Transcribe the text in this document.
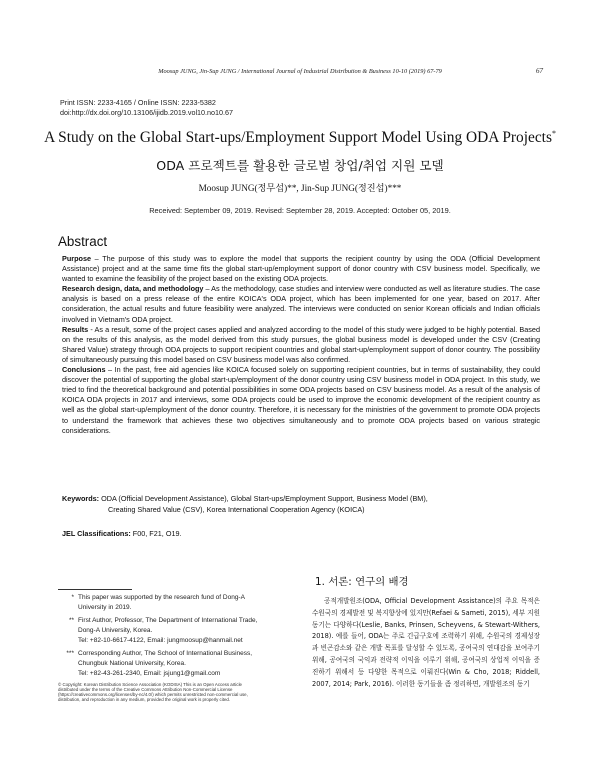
Moosup JUNG, Jin-Sup JUNG / International Journal of Industrial Distribution & Business 10-10 (2019) 67-79	67
Print ISSN: 2233-4165 / Online ISSN: 2233-5382
doi:http://dx.doi.org/10.13106/ijidb.2019.vol10.no10.67
A Study on the Global Start-ups/Employment Support Model Using ODA Projects*
ODA 프로젝트를 활용한 글로벌 창업/취업 지원 모델
Moosup JUNG(정무섭)**, Jin-Sup JUNG(정진섭)***
Received: September 09, 2019. Revised: September 28, 2019. Accepted: October 05, 2019.
Abstract

Purpose – The purpose of this study was to explore the model that supports the recipient country by using the ODA (Official Development Assistance) project and at the same time fits the global start-up/employment support of donor country with CSV business model. Specifically, we wanted to examine the feasibility of the project based on the existing ODA projects.

Research design, data, and methodology – As the methodology, case studies and interview were conducted as well as literature studies. The case analysis is based on a press release of the entire KOICA's ODA project, which has been implemented for one year, based on 2017. After consideration, the actual results and future feasibility were analyzed. The interviews were conducted on senior Korean officials and Indian officials involved in Vietnam's ODA project.

Results - As a result, some of the project cases applied and analyzed according to the model of this study were judged to be highly potential. Based on the results of this analysis, as the model derived from this study pursues, the global business model is developed under the CSV (Creating Shared Value) strategy through ODA projects to support recipient countries and global start-up/employment support of donor country. The possibility of simultaneously pursuing this model based on CSV business model was also confirmed.

Conclusions – In the past, free aid agencies like KOICA focused solely on supporting recipient countries, but in terms of sustainability, they could discover the potential of supporting the global start-up/employment of the donor country using CSV business model in ODA project. In this study, we tried to find the theoretical background and potential possibilities in some ODA projects based on CSV business model. As a result of the analysis of KOICA ODA projects in 2017 and interviews, some ODA projects could be used to improve the economic development of the recipient country as well as the global start-up/employment of the donor country. Therefore, it is necessary for the ministries of the government to promote ODA projects to understand the framework that achieves these two objectives simultaneously and to promote ODA projects based on various strategic considerations.

Keywords: ODA (Official Development Assistance), Global Start-ups/Employment Support, Business Model (BM),
Creating Shared Value (CSV), Korea International Cooperation Agency (KOICA)
JEL Classifications: F00, F21, O19.
1. 서론: 연구의 배경

공적개발원조(ODA, Official Development Assistance)의 주요 목적은 수원국의 경제발전 및 복지향상에 있지만(Refaei & Sameti, 2015), 세부 지원 동기는 다양하다(Leslie, Banks, Prinsen, Scheyvens, & Stewart-Withers, 2018). 예를 들어, ODA는 주로 긴급구호에 조력하기 위해, 수원국의 경제성장과 빈곤감소와 같은 개발 목표를 달성할 수 있도록, 공여국의 연대감을 보여주기 위해, 공여국의 국익과 전략적 이익을 이루기 위해, 공여국의 상업적 이익을 증진하기 위해서 등 다양한 목적으로 이뤄진다(Win & Cho, 2018; Riddell, 2007, 2014; Park, 2016). 이러한 동기들을 좀 정리하면, 개발원조의 동기

* This paper was supported by the research fund of Dong-A
University in 2019.
** First Author, Professor, The Department of International Trade,
Dong-A University, Korea.
Tel: +82-10-6617-4122, Email: jungmoosup@hanmail.net
*** Corresponding Author, The School of International Business,
Chungbuk National University, Korea.
Tel: +82-43-261-2340, Email: jsjung1@gmail.com
© Copyright: Korean Distribution Science Association (KODISA) This is an Open Access article distributed under the terms of the Creative Commons Attribution Non-Commercial License (https://creativecommons.org/licenses/by-nc/4.0/) which permits unrestricted non-commercial use, distribution, and reproduction in any medium, provided the original work is properly cited.
